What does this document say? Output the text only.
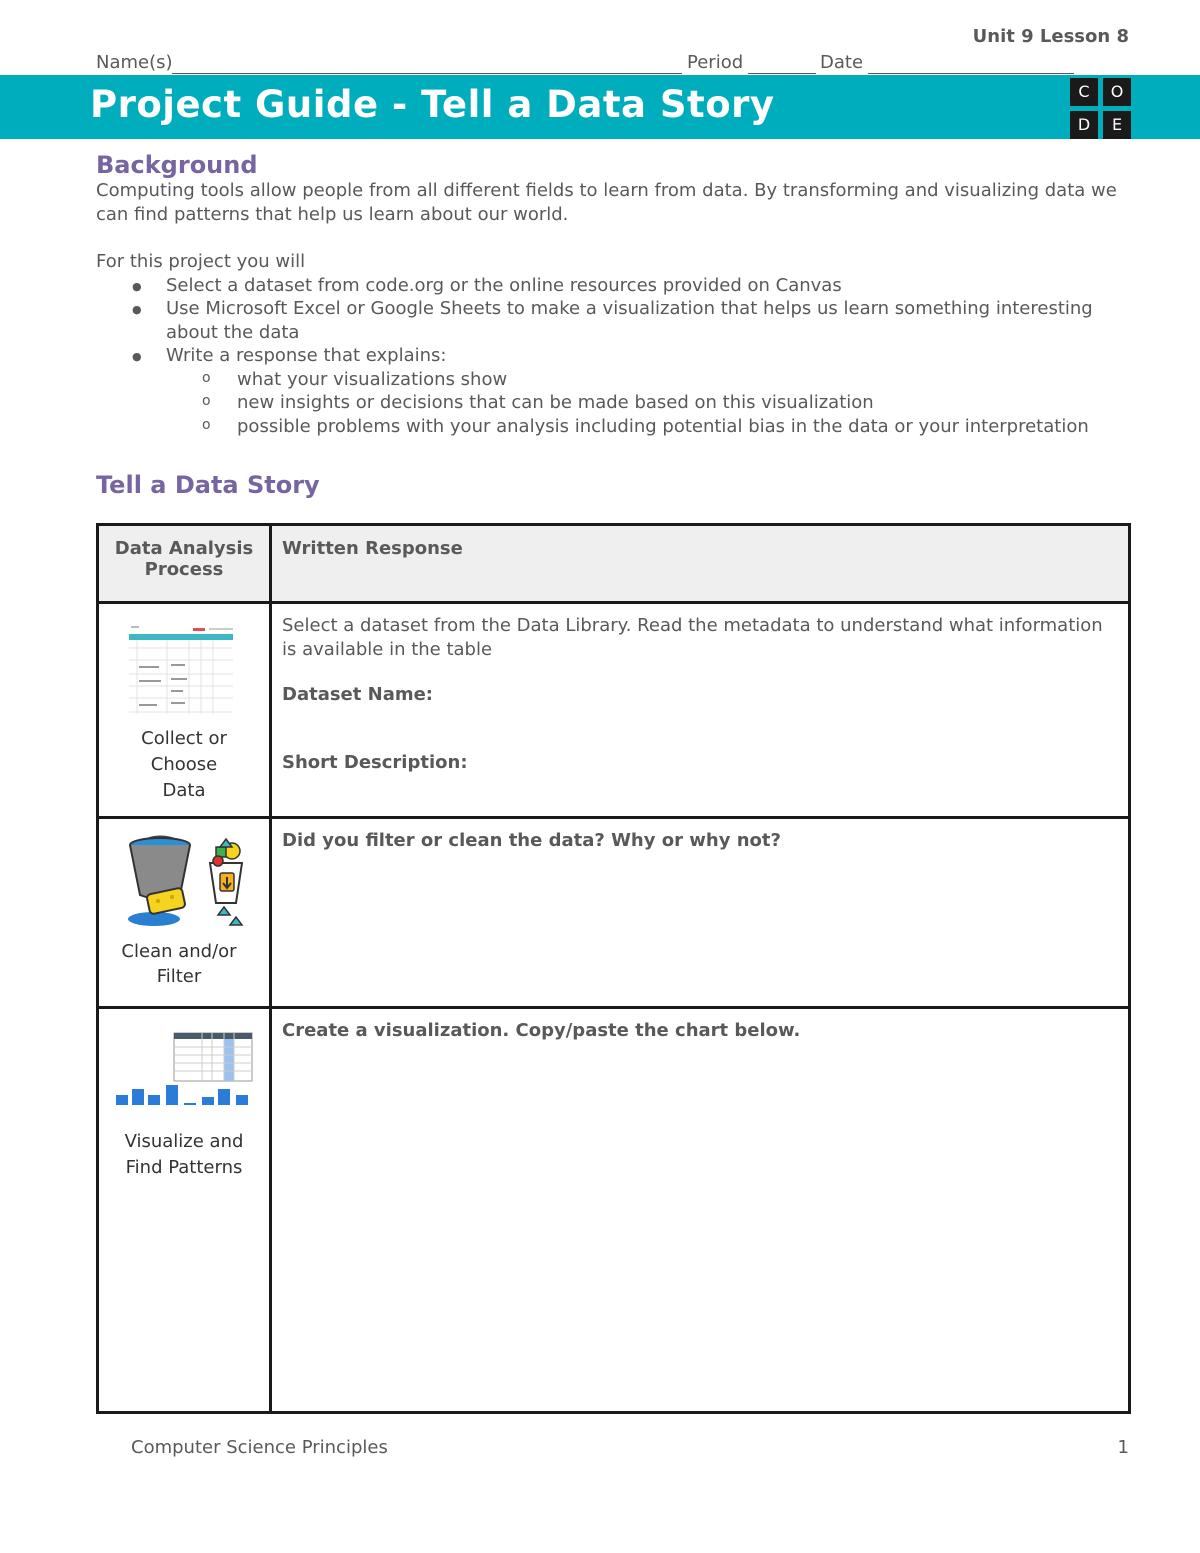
Unit 9 Lesson 8
Name(s)	Period	Date
Project Guide - Tell a Data Story	C	O
D	E
Background

Computing tools allow people from all different fields to learn from data. By transforming and visualizing data we can find patterns that help us learn about our world.

For this project you will

● Select a dataset from code.org or the online resources provided on Canvas
● Use Microsoft Excel or Google Sheets to make a visualization that helps us learn something interesting about the data
● Write a response that explains:
o what your visualizations show
o new insights or decisions that can be made based on this visualization
o possible problems with your analysis including potential bias in the data or your interpretation
Tell a Data Story
Data Analysis Process	Written Response

Collect or Choose Data	Select a dataset from the Data Library. Read the metadata to understand what information is available in the table
Dataset Name:
Short Description:

Clean and/or Filter	Did you filter or clean the data? Why or why not?

Visualize and Find Patterns	Create a visualization. Copy/paste the chart below.
Computer Science Principles	1
